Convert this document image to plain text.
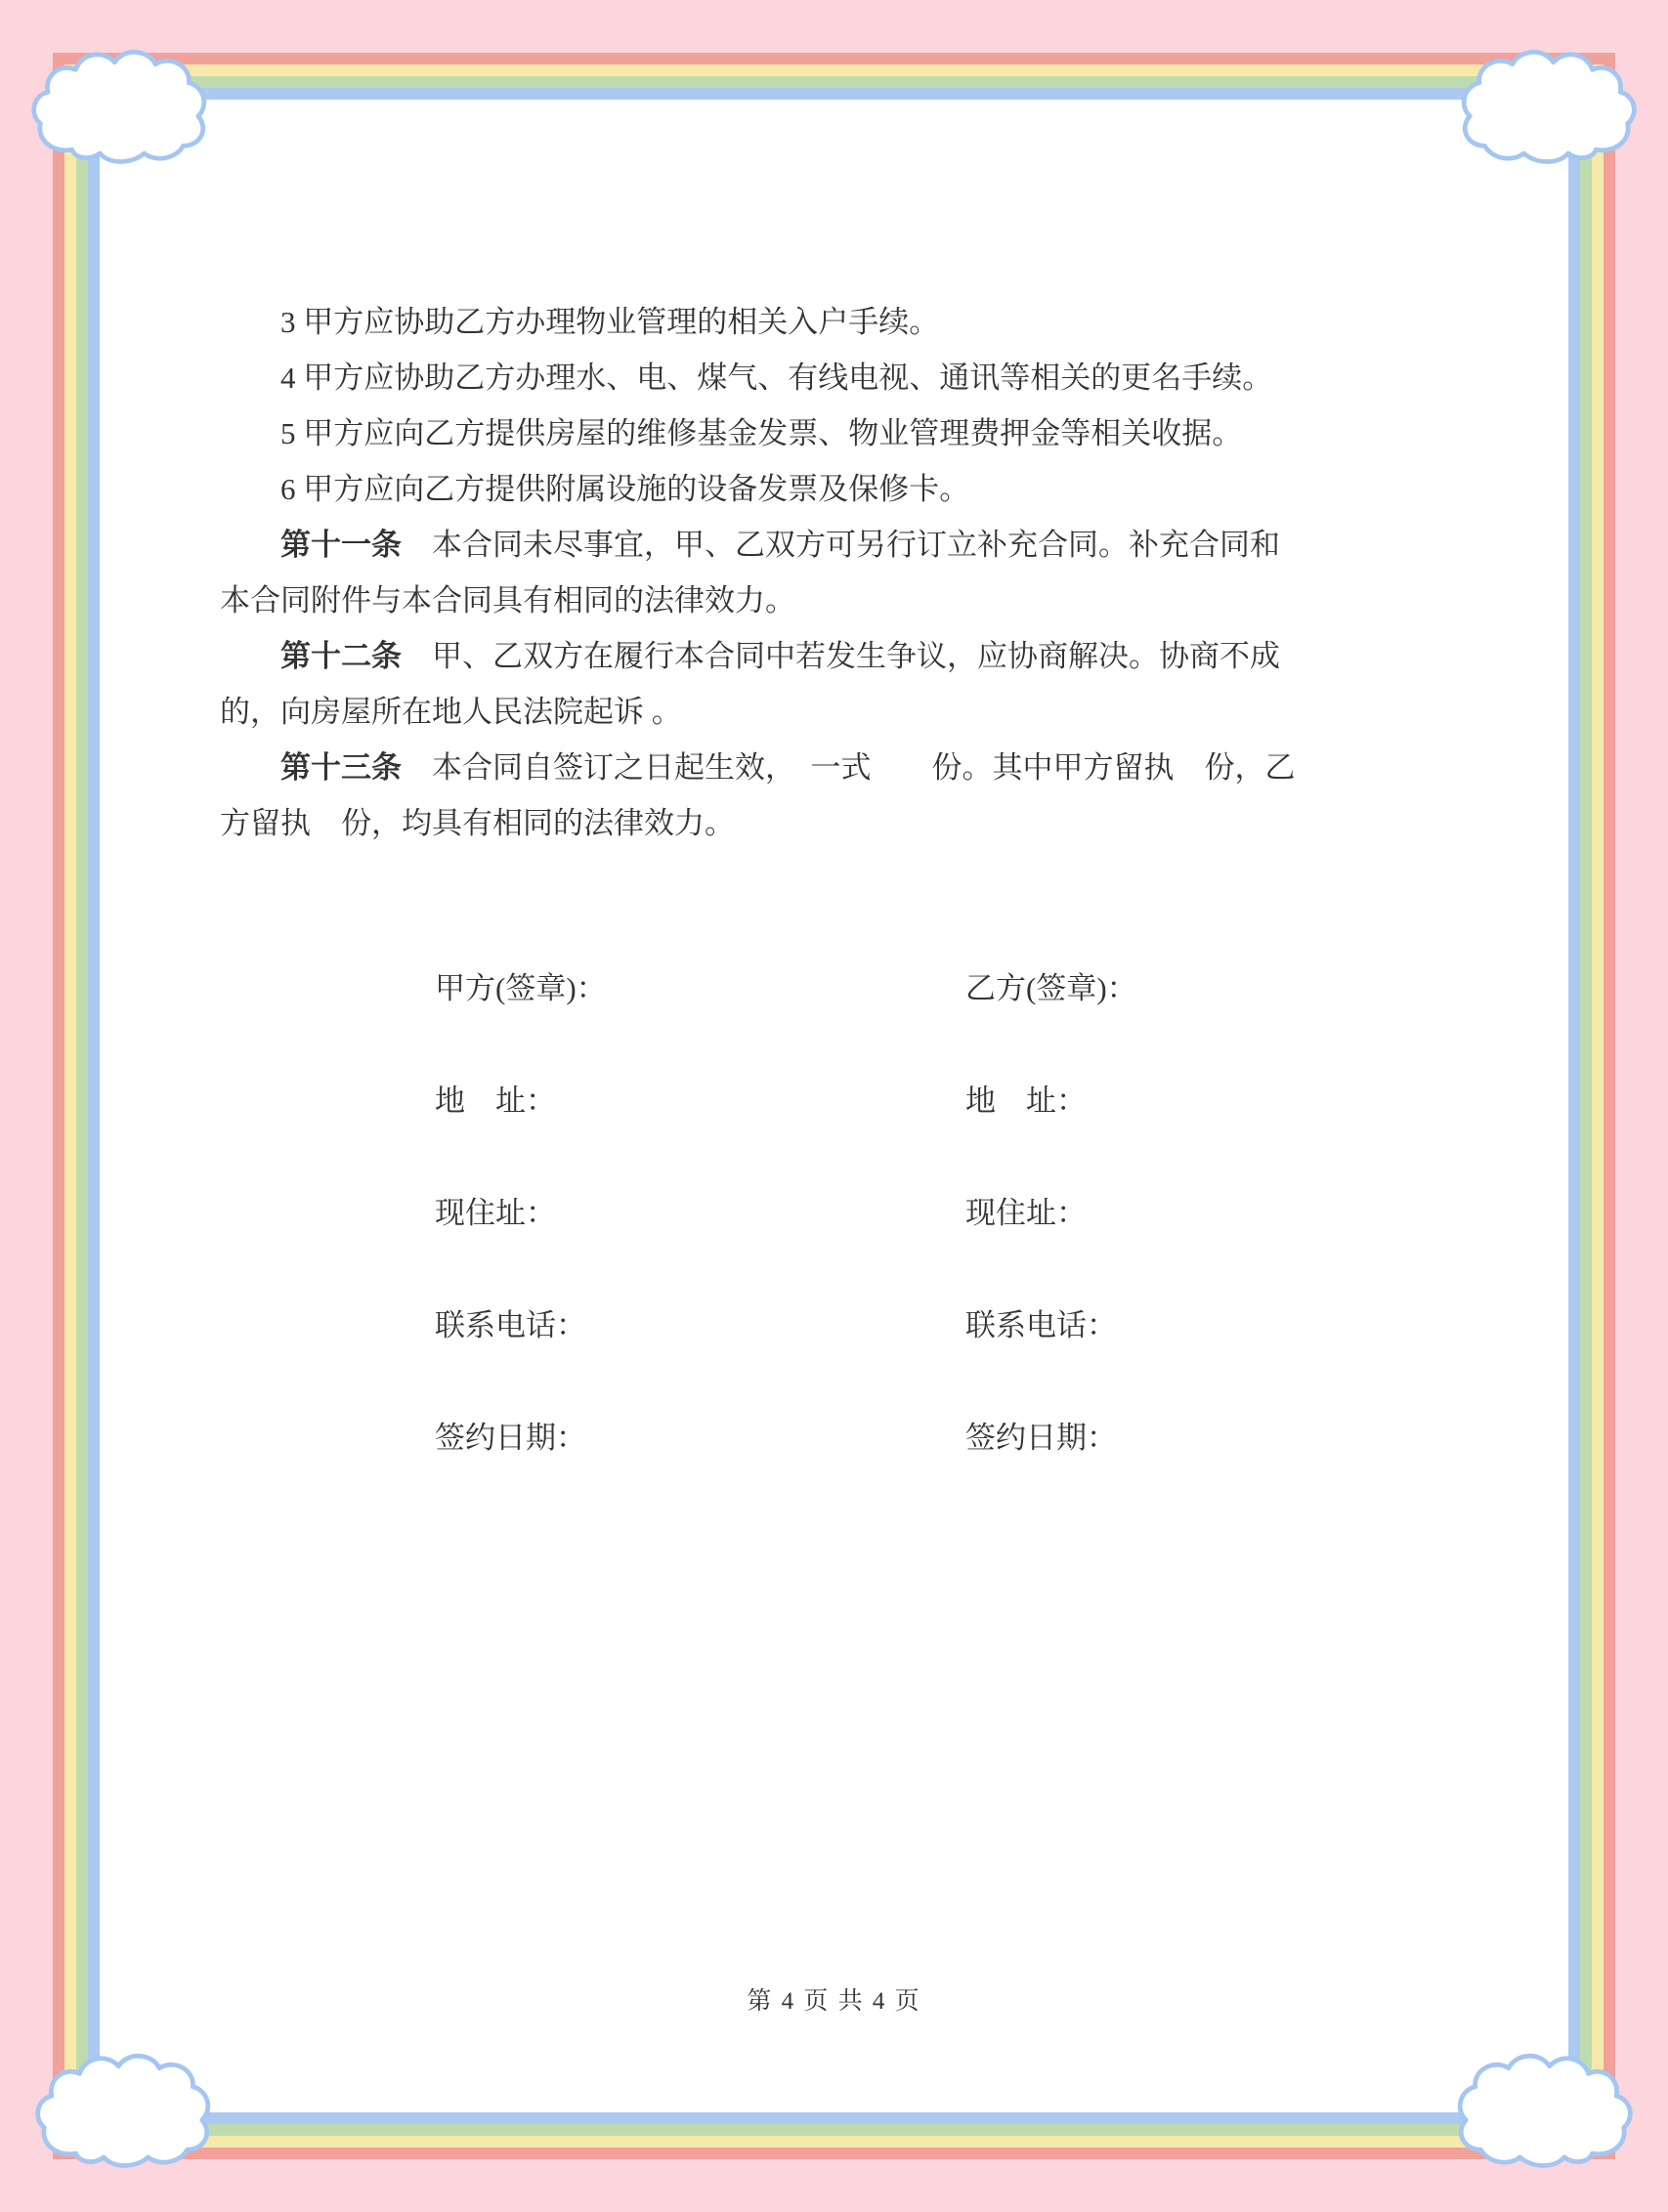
3 甲方应协助乙方办理物业管理的相关入户手续。
4 甲方应协助乙方办理水、电、煤气、有线电视、通讯等相关的更名手续。
5 甲方应向乙方提供房屋的维修基金发票、物业管理费押金等相关收据。
6 甲方应向乙方提供附属设施的设备发票及保修卡。
第十一条　本合同未尽事宜，甲、乙双方可另行订立补充合同。补充合同和
本合同附件与本合同具有相同的法律效力。
第十二条　甲、乙双方在履行本合同中若发生争议，应协商解决。协商不成
的，向房屋所在地人民法院起诉 。
第十三条　本合同自签订之日起生效，　一式　　份。其中甲方留执　份，乙
方留执　份，均具有相同的法律效力。
甲方(签章)：	乙方(签章)：
地　址：	地　址：
现住址：	现住址：
联系电话：	联系电话：
签约日期：	签约日期：
第 4 页 共 4 页
